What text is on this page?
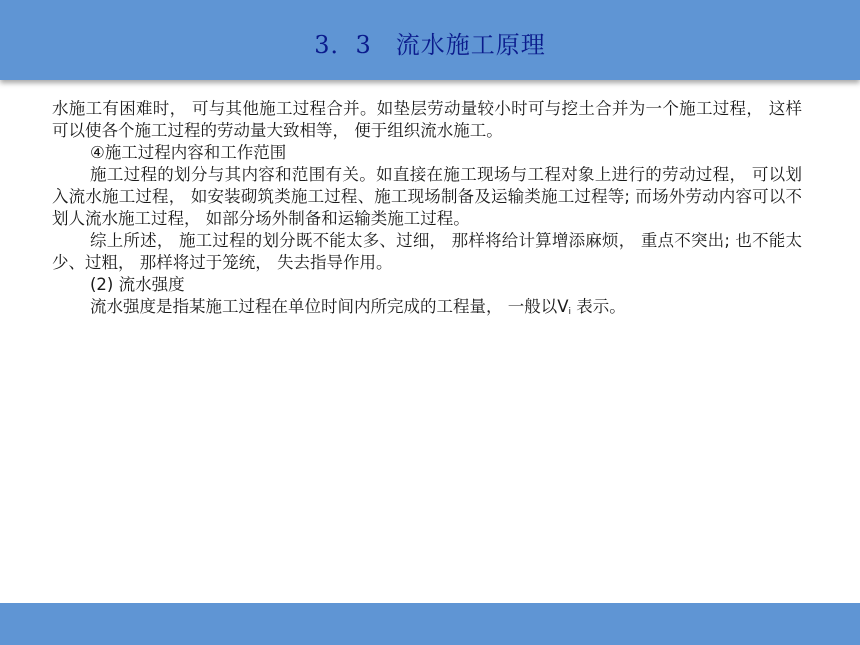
3．3 流水施工原理

水施工有困难时， 可与其他施工过程合并。如垫层劳动量较小时可与挖土合并为一个施工过程， 这样可以使各个施工过程的劳动量大致相等， 便于组织流水施工。

④施工过程内容和工作范围

施工过程的划分与其内容和范围有关。如直接在施工现场与工程对象上进行的劳动过程， 可以划入流水施工过程， 如安装砌筑类施工过程、施工现场制备及运输类施工过程等; 而场外劳动内容可以不划人流水施工过程， 如部分场外制备和运输类施工过程。

综上所述， 施工过程的划分既不能太多、过细， 那样将给计算增添麻烦， 重点不突出; 也不能太少、过粗， 那样将过于笼统， 失去指导作用。

(2) 流水强度

流水强度是指某施工过程在单位时间内所完成的工程量， 一般以$V_i$ 表示。
